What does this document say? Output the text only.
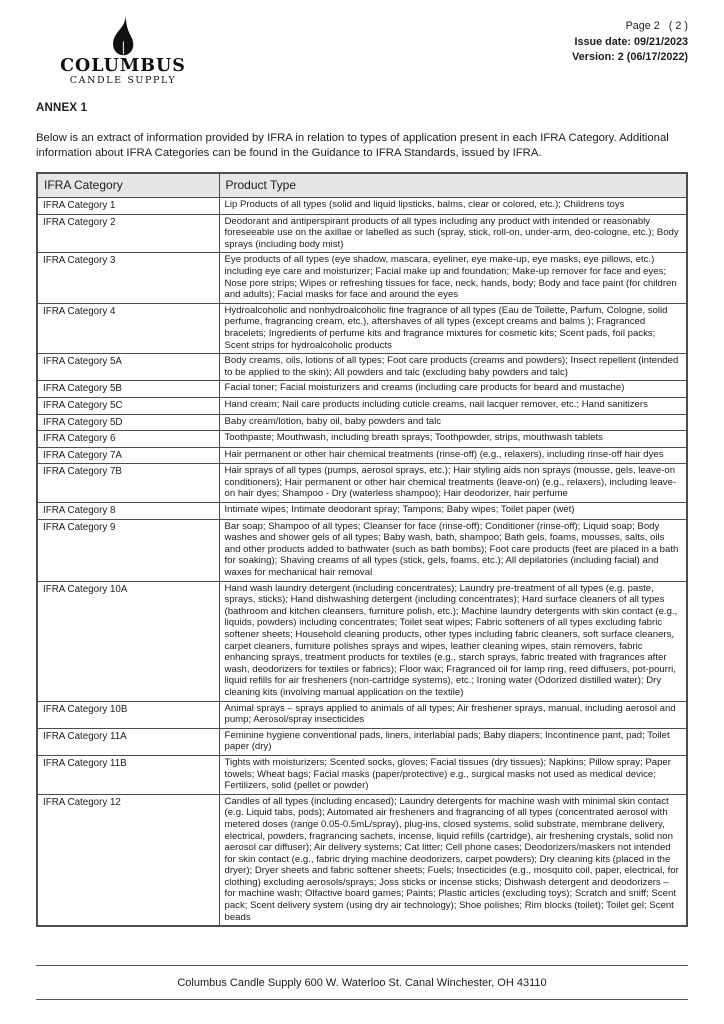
COLUMBUS
CANDLE SUPPLY
Page 2   ( 2 )
Issue date: 09/21/2023
Version: 2 (06/17/2022)
ANNEX 1

Below is an extract of information provided by IFRA in relation to types of application present in each IFRA Category. Additional information about IFRA Categories can be found in the Guidance to IFRA Standards, issued by IFRA.

IFRA Category	Product Type
IFRA Category 1	Lip Products of all types (solid and liquid lipsticks, balms, clear or colored, etc.); Childrens toys
IFRA Category 2	Deodorant and antiperspirant products of all types including any product with intended or reasonably foreseeable use on the axillae or labelled as such (spray, stick, roll-on, under-arm, deo-cologne, etc.); Body sprays (including body mist)
IFRA Category 3	Eye products of all types (eye shadow, mascara, eyeliner, eye make-up, eye masks, eye pillows, etc.) including eye care and moisturizer; Facial make up and foundation; Make-up remover for face and eyes; Nose pore strips; Wipes or refreshing tissues for face, neck, hands, body; Body and face paint (for children and adults); Facial masks for face and around the eyes
IFRA Category 4	Hydroalcoholic and nonhydroalcoholic fine fragrance of all types (Eau de Toilette, Parfum, Cologne, solid perfume, fragrancing cream, etc.), aftershaves of all types (except creams and balms ); Fragranced bracelets; Ingredients of perfume kits and fragrance mixtures for cosmetic kits; Scent pads, foil packs; Scent strips for hydroalcoholic products
IFRA Category 5A	Body creams, oils, lotions of all types; Foot care products (creams and powders); Insect repellent (intended to be applied to the skin); All powders and talc (excluding baby powders and talc)
IFRA Category 5B	Facial toner; Facial moisturizers and creams (including care products for beard and mustache)
IFRA Category 5C	Hand cream; Nail care products including cuticle creams, nail lacquer remover, etc.; Hand sanitizers
IFRA Category 5D	Baby cream/lotion, baby oil, baby powders and talc
IFRA Category 6	Toothpaste; Mouthwash, including breath sprays; Toothpowder, strips, mouthwash tablets
IFRA Category 7A	Hair permanent or other hair chemical treatments (rinse-off) (e.g., relaxers), including rinse-off hair dyes
IFRA Category 7B	Hair sprays of all types (pumps, aerosol sprays, etc.); Hair styling aids non sprays (mousse, gels, leave-on conditioners); Hair permanent or other hair chemical treatments (leave-on) (e.g., relaxers), including leave-on hair dyes; Shampoo - Dry (waterless shampoo); Hair deodorizer, hair perfume
IFRA Category 8	Intimate wipes; Intimate deodorant spray; Tampons; Baby wipes; Toilet paper (wet)
IFRA Category 9	Bar soap; Shampoo of all types; Cleanser for face (rinse-off); Conditioner (rinse-off); Liquid soap; Body washes and shower gels of all types; Baby wash, bath, shampoo; Bath gels, foams, mousses, salts, oils and other products added to bathwater (such as bath bombs); Foot care products (feet are placed in a bath for soaking); Shaving creams of all types (stick, gels, foams, etc.); All depilatories (including facial) and waxes for mechanical hair removal
IFRA Category 10A	Hand wash laundry detergent (including concentrates); Laundry pre-treatment of all types (e.g. paste, sprays, sticks); Hand dishwashing detergent (including concentrates); Hard surface cleaners of all types (bathroom and kitchen cleansers, furniture polish, etc.); Machine laundry detergents with skin contact (e.g., liquids, powders) including concentrates; Toilet seat wipes; Fabric softeners of all types excluding fabric softener sheets; Household cleaning products, other types including fabric cleaners, soft surface cleaners, carpet cleaners, furniture polishes sprays and wipes, leather cleaning wipes, stain removers, fabric enhancing sprays, treatment products for textiles (e.g., starch sprays, fabric treated with fragrances after wash, deodorizers for textiles or fabrics); Floor wax; Fragranced oil for lamp ring, reed diffusers, pot-pourri, liquid refills for air fresheners (non-cartridge systems), etc.; Ironing water (Odorized distilled water); Dry cleaning kits (involving manual application on the textile)
IFRA Category 10B	Animal sprays – sprays applied to animals of all types; Air freshener sprays, manual, including aerosol and pump; Aerosol/spray insecticides
IFRA Category 11A	Feminine hygiene conventional pads, liners, interlabial pads; Baby diapers; Incontinence pant, pad; Toilet paper (dry)
IFRA Category 11B	Tights with moisturizers; Scented socks, gloves; Facial tissues (dry tissues); Napkins; Pillow spray; Paper towels; Wheat bags; Facial masks (paper/protective) e.g., surgical masks not used as medical device; Fertilizers, solid (pellet or powder)
IFRA Category 12	Candles of all types (including encased); Laundry detergents for machine wash with minimal skin contact (e.g. Liquid tabs, pods); Automated air fresheners and fragrancing of all types (concentrated aerosol with metered doses (range 0.05-0.5mL/spray), plug-ins, closed systems, solid substrate, membrane delivery, electrical, powders, fragrancing sachets, incense, liquid refills (cartridge), air freshening crystals, solid non aerosol car diffuser); Air delivery systems; Cat litter; Cell phone cases; Deodorizers/maskers not intended for skin contact (e.g., fabric drying machine deodorizers, carpet powders); Dry cleaning kits (placed in the dryer); Dryer sheets and fabric softener sheets; Fuels; Insecticides (e.g., mosquito coil, paper, electrical, for clothing) excluding aerosols/sprays; Joss sticks or incense sticks; Dishwash detergent and deodorizers – for machine wash; Olfactive board games; Paints; Plastic articles (excluding toys); Scratch and sniff; Scent pack; Scent delivery system (using dry air technology); Shoe polishes; Rim blocks (toilet); Toilet gel; Scent beads
Columbus Candle Supply 600 W. Waterloo St. Canal Winchester, OH 43110
